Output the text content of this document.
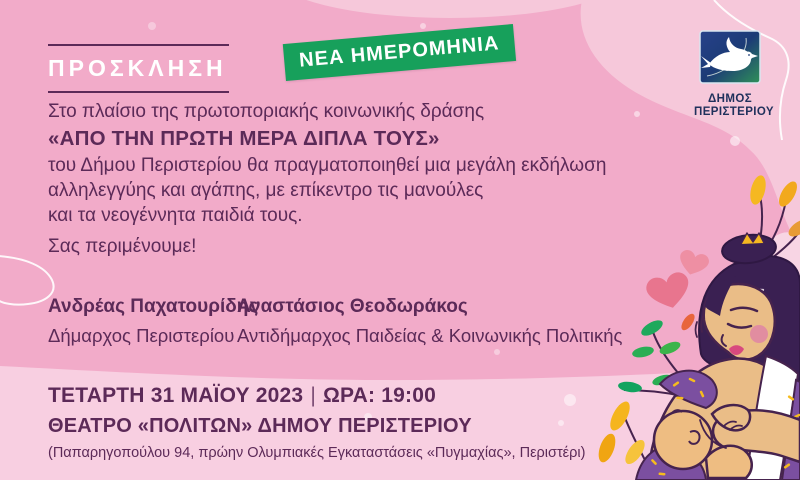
ΠΡΟΣΚΛΗΣΗ	ΝΕΑ ΗΜΕΡΟΜΗΝΙΑ
ΔΗΜΟΣ
ΠΕΡΙΣΤΕΡΙΟΥ
Στο πλαίσιο της πρωτοποριακής κοινωνικής δράσης
«ΑΠΟ ΤΗΝ ΠΡΩΤΗ ΜΕΡΑ ΔΙΠΛΑ ΤΟΥΣ»
του Δήμου Περιστερίου θα πραγματοποιηθεί μια μεγάλη εκδήλωση
αλληλεγγύης και αγάπης, με επίκεντρο τις μανούλες
και τα νεογέννητα παιδιά τους.
Σας περιμένουμε!
Ανδρέας Παχατουρίδης
Δήμαρχος Περιστερίου
Αναστάσιος Θεοδωράκος
Αντιδήμαρχος Παιδείας & Κοινωνικής Πολιτικής
ΤΕΤΑΡΤΗ 31 ΜΑΪΟΥ 2023 | ΩΡΑ: 19:00
ΘΕΑΤΡΟ «ΠΟΛΙΤΩΝ» ΔΗΜΟΥ ΠΕΡΙΣΤΕΡΙΟΥ
(Παπαρηγοπούλου 94, πρώην Ολυμπιακές Εγκαταστάσεις «Πυγμαχίας», Περιστέρι)
